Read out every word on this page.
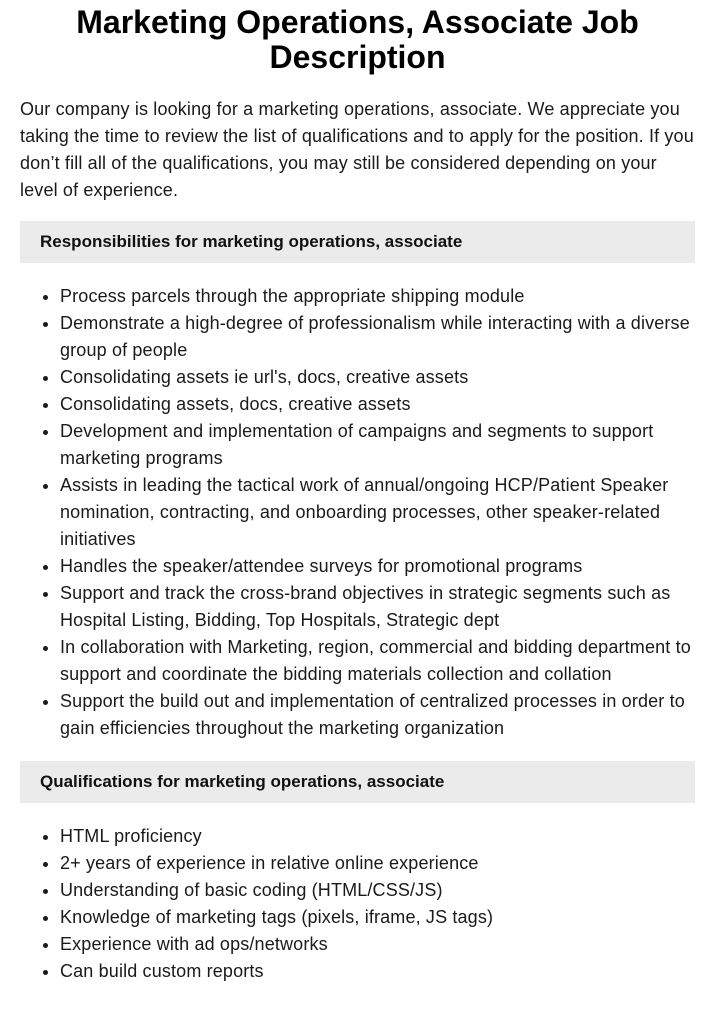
Marketing Operations, Associate Job Description

Our company is looking for a marketing operations, associate. We appreciate you taking the time to review the list of qualifications and to apply for the position. If you don’t fill all of the qualifications, you may still be considered depending on your level of experience.

Responsibilities for marketing operations, associate
• Process parcels through the appropriate shipping module
• Demonstrate a high-degree of professionalism while interacting with a diverse group of people
• Consolidating assets ie url's, docs, creative assets
• Consolidating assets, docs, creative assets
• Development and implementation of campaigns and segments to support marketing programs
• Assists in leading the tactical work of annual/ongoing HCP/Patient Speaker nomination, contracting, and onboarding processes, other speaker-related initiatives
• Handles the speaker/attendee surveys for promotional programs
• Support and track the cross-brand objectives in strategic segments such as Hospital Listing, Bidding, Top Hospitals, Strategic dept
• In collaboration with Marketing, region, commercial and bidding department to support and coordinate the bidding materials collection and collation
• Support the build out and implementation of centralized processes in order to gain efficiencies throughout the marketing organization
Qualifications for marketing operations, associate
• HTML proficiency
• 2+ years of experience in relative online experience
• Understanding of basic coding (HTML/CSS/JS)
• Knowledge of marketing tags (pixels, iframe, JS tags)
• Experience with ad ops/networks
• Can build custom reports
